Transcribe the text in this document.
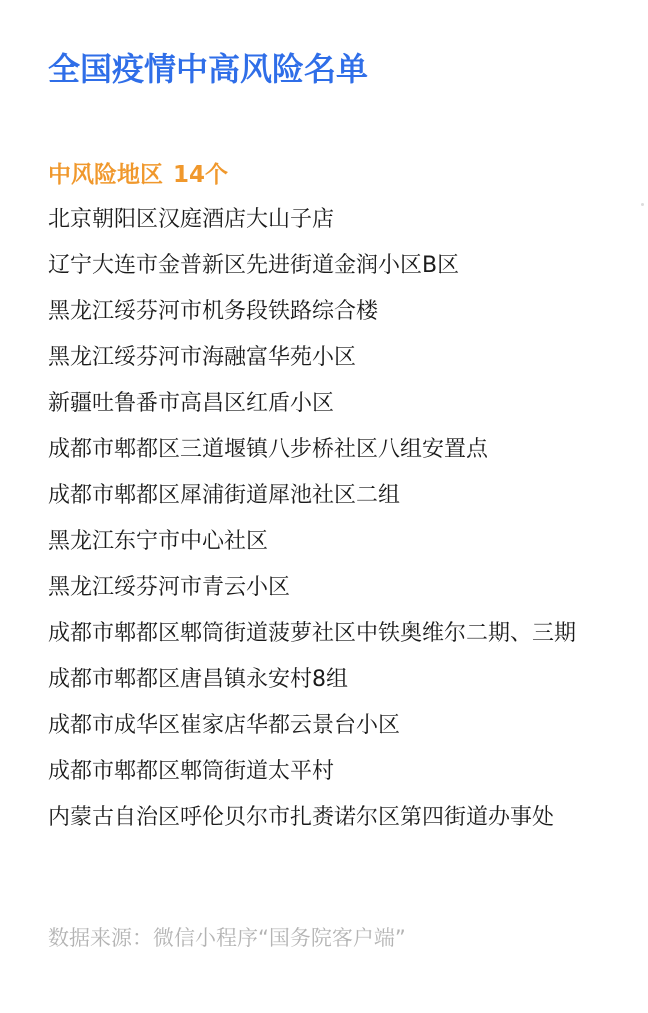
全国疫情中高风险名单
中风险地区 14个
北京朝阳区汉庭酒店大山子店
辽宁大连市金普新区先进街道金润小区B区
黑龙江绥芬河市机务段铁路综合楼
黑龙江绥芬河市海融富华苑小区
新疆吐鲁番市高昌区红盾小区
成都市郫都区三道堰镇八步桥社区八组安置点
成都市郫都区犀浦街道犀池社区二组
黑龙江东宁市中心社区
黑龙江绥芬河市青云小区
成都市郫都区郫筒街道菠萝社区中铁奥维尔二期、三期
成都市郫都区唐昌镇永安村8组
成都市成华区崔家店华都云景台小区
成都市郫都区郫筒街道太平村
内蒙古自治区呼伦贝尔市扎赉诺尔区第四街道办事处
数据来源：微信小程序“国务院客户端”
